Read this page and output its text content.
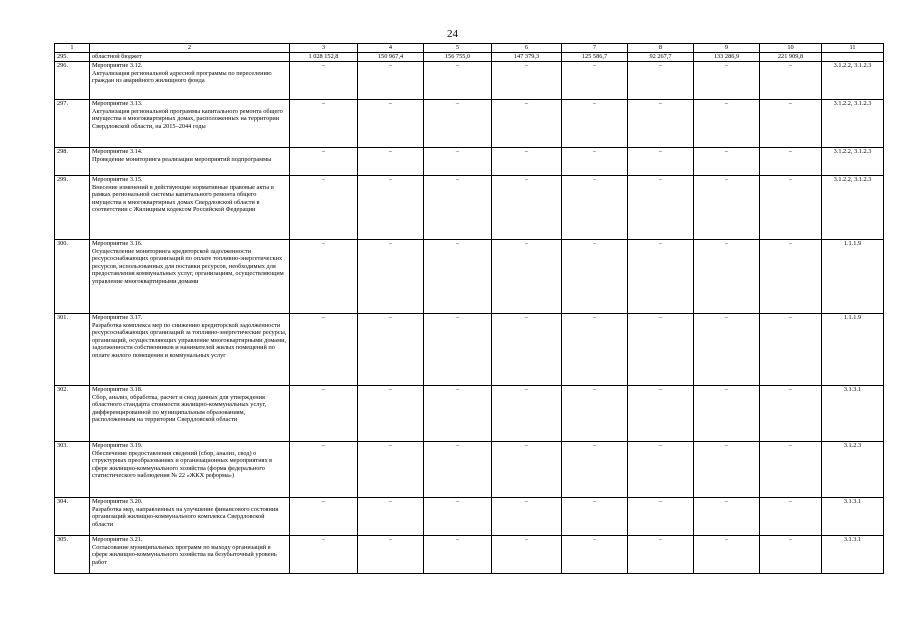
24
1	2	3	4	5	6	7	8	9	10	11
295.	областной бюджет	1 028 152,8	150 967,4	156 755,0	147 379,3	125 586,7	92 267,7	133 286,9	221 909,8	
296.	Мероприятие 3.12.
Актуализация региональной адресной программы по переселению граждан из аварийного жилищного фонда	–	–	–	–	–	–	–	–	3.1.2.2, 3.1.2.3
297.	Мероприятие 3.13.
Актуализация региональной программы капитального ремонта общего имущества в многоквартирных домах, расположенных на территории Свердловской области, на 2015–2044 годы	–	–	–	–	–	–	–	–	3.1.2.2, 3.1.2.3
298.	Мероприятие 3.14.
Проведение мониторинга реализации мероприятий подпрограммы	–	–	–	–	–	–	–	–	3.1.2.2, 3.1.2.3
299.	Мероприятие 3.15.
Внесение изменений в действующие нормативные правовые акты в рамках региональной системы капитального ремонта общего имущества в многоквартирных домах Свердловской области в соответствии с Жилищным кодексом Российской Федерации	–	–	–	–	–	–	–	–	3.1.2.2, 3.1.2.3
300.	Мероприятие 3.16.
Осуществление мониторинга кредиторской задолженности ресурсоснабжающих организаций по оплате топливно-энергетических ресурсов, использованных для поставки ресурсов, необходимых для предоставления коммунальных услуг, организациям, осуществляющим управление многоквартирными домами	–	–	–	–	–	–	–	–	1.1.1.9
301.	Мероприятие 3.17.
Разработка комплекса мер по снижению кредиторской задолженности ресурсоснабжающих организаций за топливно-энергетические ресурсы, организаций, осуществляющих управление многоквартирными домами, задолженности собственников и нанимателей жилых помещений по оплате жилого помещения и коммунальных услуг	–	–	–	–	–	–	–	–	1.1.1.9
302.	Мероприятие 3.18.
Сбор, анализ, обработка, расчет и свод данных для утверждения областного стандарта стоимости жилищно-коммунальных услуг, дифференцированной по муниципальным образованиям, расположенным на территории Свердловской области	–	–	–	–	–	–	–	–	3.1.3.1
303.	Мероприятие 3.19.
Обеспечение предоставления сведений (сбор, анализ, свод) о структурных преобразованиях и организационных мероприятиях в сфере жилищно-коммунального хозяйства (форма федерального статистического наблюдения № 22 «ЖКХ реформа»)	–	–	–	–	–	–	–	–	3.1.2.3
304.	Мероприятие 3.20.
Разработка мер, направленных на улучшение финансового состояния организаций жилищно-коммунального комплекса Свердловской области	–	–	–	–	–	–	–	–	3.1.3.1
305.	Мероприятие 3.21.
Согласование муниципальных программ по выходу организаций в сфере жилищно-коммунального хозяйства на безубыточный уровень работ	–	–	–	–	–	–	–	–	3.1.3.1
